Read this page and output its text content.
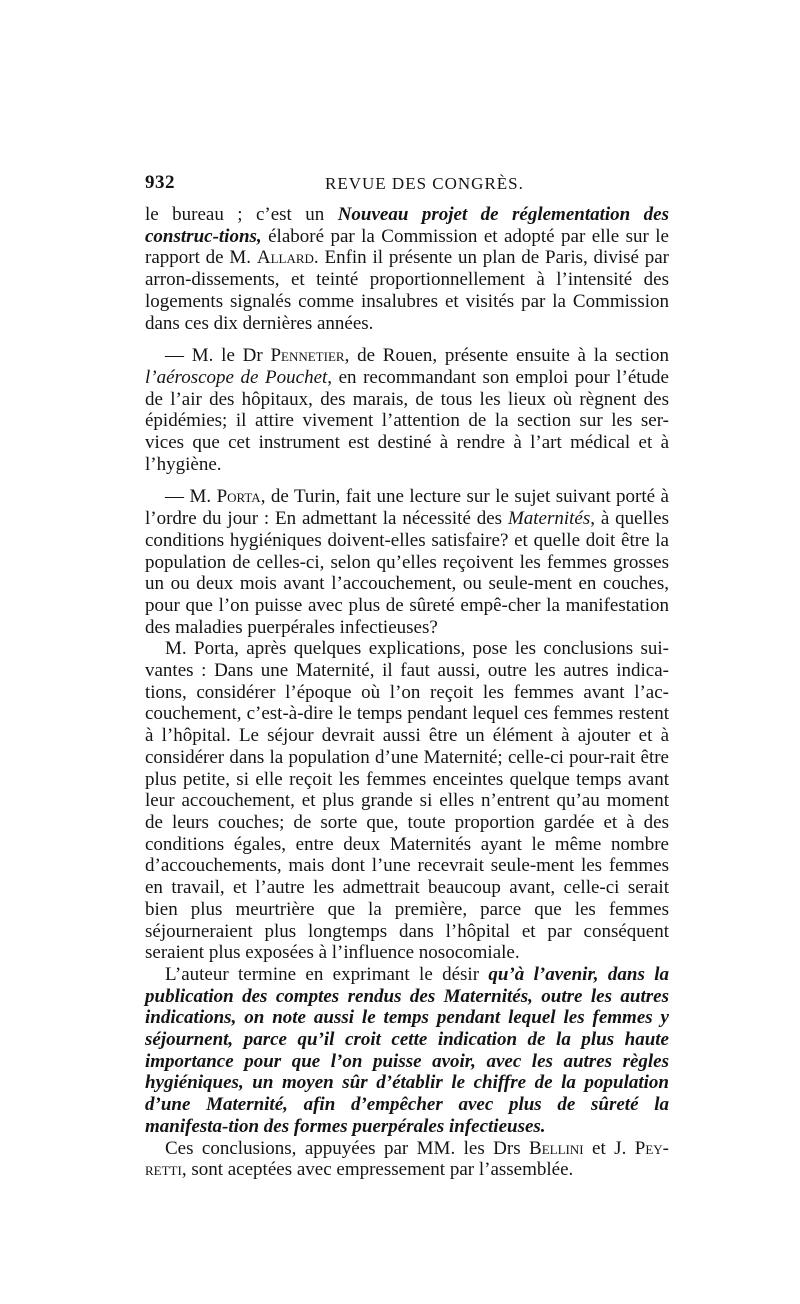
932	REVUE DES CONGRÈS.

le bureau ; c’est un Nouveau projet de réglementation des construc-tions, élaboré par la Commission et adopté par elle sur le rapport de M. Allard. Enfin il présente un plan de Paris, divisé par arron-dissements, et teinté proportionnellement à l’intensité des logements signalés comme insalubres et visités par la Commission dans ces dix dernières années.

— M. le Dr Pennetier, de Rouen, présente ensuite à la section l’aéroscope de Pouchet, en recommandant son emploi pour l’étude de l’air des hôpitaux, des marais, de tous les lieux où règnent des épidémies; il attire vivement l’attention de la section sur les ser-vices que cet instrument est destiné à rendre à l’art médical et à l’hygiène.

— M. Porta, de Turin, fait une lecture sur le sujet suivant porté à l’ordre du jour : En admettant la nécessité des Maternités, à quelles conditions hygiéniques doivent-elles satisfaire? et quelle doit être la population de celles-ci, selon qu’elles reçoivent les femmes grosses un ou deux mois avant l’accouchement, ou seule-ment en couches, pour que l’on puisse avec plus de sûreté empê-cher la manifestation des maladies puerpérales infectieuses?

M. Porta, après quelques explications, pose les conclusions sui-vantes : Dans une Maternité, il faut aussi, outre les autres indica-tions, considérer l’époque où l’on reçoit les femmes avant l’ac-couchement, c’est-à-dire le temps pendant lequel ces femmes restent à l’hôpital. Le séjour devrait aussi être un élément à ajouter et à considérer dans la population d’une Maternité; celle-ci pour-rait être plus petite, si elle reçoit les femmes enceintes quelque temps avant leur accouchement, et plus grande si elles n’entrent qu’au moment de leurs couches; de sorte que, toute proportion gardée et à des conditions égales, entre deux Maternités ayant le même nombre d’accouchements, mais dont l’une recevrait seule-ment les femmes en travail, et l’autre les admettrait beaucoup avant, celle-ci serait bien plus meurtrière que la première, parce que les femmes séjourneraient plus longtemps dans l’hôpital et par conséquent seraient plus exposées à l’influence nosocomiale.

L’auteur termine en exprimant le désir qu’à l’avenir, dans la publication des comptes rendus des Maternités, outre les autres indications, on note aussi le temps pendant lequel les femmes y séjournent, parce qu’il croit cette indication de la plus haute importance pour que l’on puisse avoir, avec les autres règles hygiéniques, un moyen sûr d’établir le chiffre de la population d’une Maternité, afin d’empêcher avec plus de sûreté la manifesta-tion des formes puerpérales infectieuses.

Ces conclusions, appuyées par MM. les Drs Bellini et J. Pey-retti, sont aceptées avec empressement par l’assemblée.
